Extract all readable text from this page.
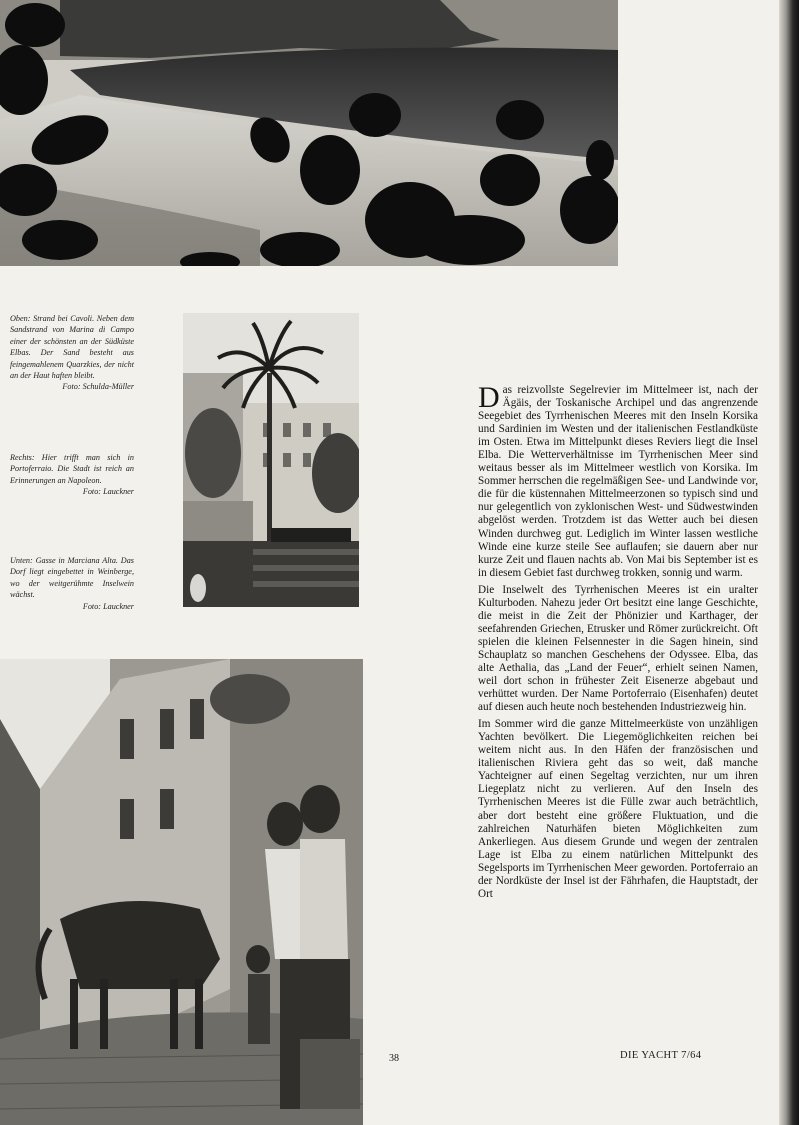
Oben: Strand bei Cavoli. Neben dem Sandstrand von Marina di Campo einer der schönsten an der Südküste Elbas. Der Sand besteht aus feingemahlenem Quarzkies, der nicht an der Haut haften bleibt.
Foto: Schulda-Müller
Rechts: Hier trifft man sich in Portoferraio. Die Stadt ist reich an Erinnerungen an Napoleon.
Foto: Lauckner
Unten: Gasse in Marciana Alta. Das Dorf liegt eingebettet in Weinberge, wo der weitgerühmte Inselwein wächst.
Foto: Lauckner

Das reizvollste Segelrevier im Mittelmeer ist, nach der Ägäis, der Toskanische Archipel und das angrenzende Seegebiet des Tyrrhenischen Meeres mit den Inseln Korsika und Sardinien im Westen und der italienischen Festlandküste im Osten. Etwa im Mittelpunkt dieses Reviers liegt die Insel Elba. Die Wetterverhältnisse im Tyrrhenischen Meer sind weitaus besser als im Mittelmeer westlich von Korsika. Im Sommer herrschen die regelmäßigen See- und Landwinde vor, die für die küstennahen Mittelmeerzonen so typisch sind und nur gelegentlich von zyklonischen West- und Südwestwinden abgelöst werden. Trotzdem ist das Wetter auch bei diesen Winden durchweg gut. Lediglich im Winter lassen westliche Winde eine kurze steile See auflaufen; sie dauern aber nur kurze Zeit und flauen nachts ab. Von Mai bis September ist es in diesem Gebiet fast durchweg trokken, sonnig und warm.

Die Inselwelt des Tyrrhenischen Meeres ist ein uralter Kulturboden. Nahezu jeder Ort besitzt eine lange Geschichte, die meist in die Zeit der Phönizier und Karthager, der seefahrenden Griechen, Etrusker und Römer zurückreicht. Oft spielen die kleinen Felsennester in die Sagen hinein, sind Schauplatz so manchen Geschehens der Odyssee. Elba, das alte Aethalia, das „Land der Feuer“, erhielt seinen Namen, weil dort schon in frühester Zeit Eisenerze abgebaut und verhüttet wurden. Der Name Portoferraio (Eisenhafen) deutet auf diesen auch heute noch bestehenden Industriezweig hin.

Im Sommer wird die ganze Mittelmeerküste von unzähligen Yachten bevölkert. Die Liegemöglichkeiten reichen bei weitem nicht aus. In den Häfen der französischen und italienischen Riviera geht das so weit, daß manche Yachteigner auf einen Segeltag verzichten, nur um ihren Liegeplatz nicht zu verlieren. Auf den Inseln des Tyrrhenischen Meeres ist die Fülle zwar auch beträchtlich, aber dort besteht eine größere Fluktuation, und die zahlreichen Naturhäfen bieten Möglichkeiten zum Ankerliegen. Aus diesem Grunde und wegen der zentralen Lage ist Elba zu einem natürlichen Mittelpunkt des Segelsports im Tyrrhenischen Meer geworden. Portoferraio an der Nordküste der Insel ist der Fährhafen, die Hauptstadt, der Ort

38	DIE YACHT 7/64
